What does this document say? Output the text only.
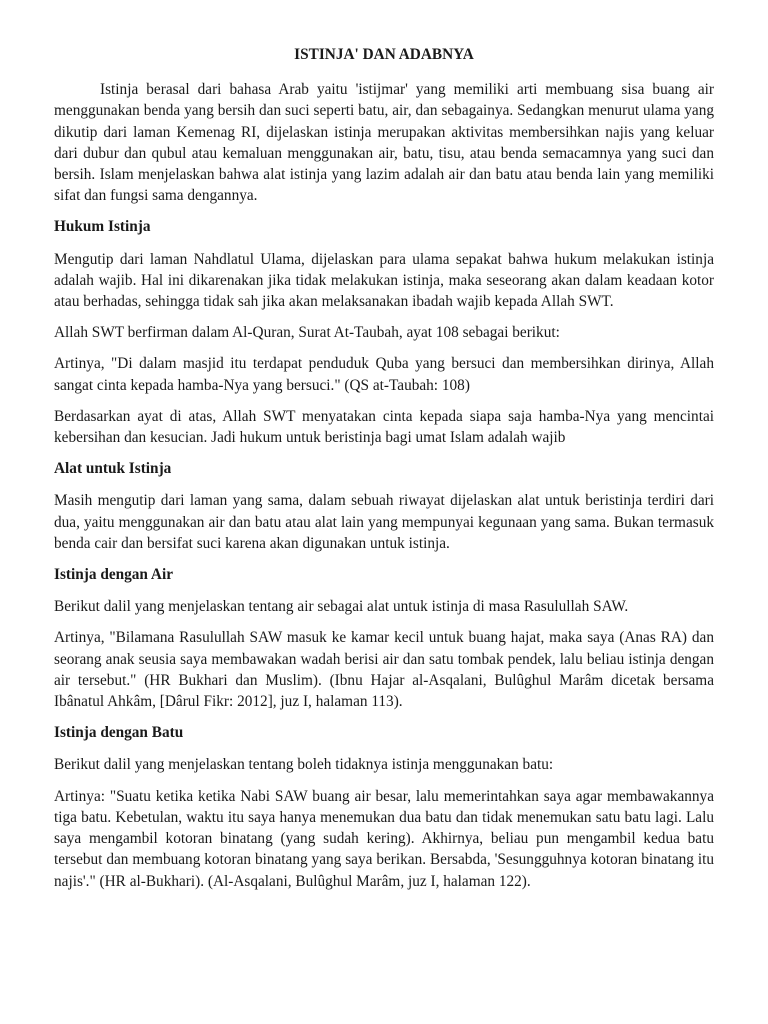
ISTINJA' DAN ADABNYA

Istinja berasal dari bahasa Arab yaitu 'istijmar' yang memiliki arti membuang sisa buang air menggunakan benda yang bersih dan suci seperti batu, air, dan sebagainya. Sedangkan menurut ulama yang dikutip dari laman Kemenag RI, dijelaskan istinja merupakan aktivitas membersihkan najis yang keluar dari dubur dan qubul atau kemaluan menggunakan air, batu, tisu, atau benda semacamnya yang suci dan bersih. Islam menjelaskan bahwa alat istinja yang lazim adalah air dan batu atau benda lain yang memiliki sifat dan fungsi sama dengannya.

Hukum Istinja

Mengutip dari laman Nahdlatul Ulama, dijelaskan para ulama sepakat bahwa hukum melakukan istinja adalah wajib. Hal ini dikarenakan jika tidak melakukan istinja, maka seseorang akan dalam keadaan kotor atau berhadas, sehingga tidak sah jika akan melaksanakan ibadah wajib kepada Allah SWT.

Allah SWT berfirman dalam Al-Quran, Surat At-Taubah, ayat 108 sebagai berikut:

Artinya, "Di dalam masjid itu terdapat penduduk Quba yang bersuci dan membersihkan dirinya, Allah sangat cinta kepada hamba-Nya yang bersuci." (QS at-Taubah: 108)

Berdasarkan ayat di atas, Allah SWT menyatakan cinta kepada siapa saja hamba-Nya yang mencintai kebersihan dan kesucian. Jadi hukum untuk beristinja bagi umat Islam adalah wajib

Alat untuk Istinja

Masih mengutip dari laman yang sama, dalam sebuah riwayat dijelaskan alat untuk beristinja terdiri dari dua, yaitu menggunakan air dan batu atau alat lain yang mempunyai kegunaan yang sama. Bukan termasuk benda cair dan bersifat suci karena akan digunakan untuk istinja.

Istinja dengan Air

Berikut dalil yang menjelaskan tentang air sebagai alat untuk istinja di masa Rasulullah SAW.

Artinya, "Bilamana Rasulullah SAW masuk ke kamar kecil untuk buang hajat, maka saya (Anas RA) dan seorang anak seusia saya membawakan wadah berisi air dan satu tombak pendek, lalu beliau istinja dengan air tersebut." (HR Bukhari dan Muslim). (Ibnu Hajar al-Asqalani, Bulûghul Marâm dicetak bersama Ibânatul Ahkâm, [Dârul Fikr: 2012], juz I, halaman 113).

Istinja dengan Batu

Berikut dalil yang menjelaskan tentang boleh tidaknya istinja menggunakan batu:

Artinya: "Suatu ketika ketika Nabi SAW buang air besar, lalu memerintahkan saya agar membawakannya tiga batu. Kebetulan, waktu itu saya hanya menemukan dua batu dan tidak menemukan satu batu lagi. Lalu saya mengambil kotoran binatang (yang sudah kering). Akhirnya, beliau pun mengambil kedua batu tersebut dan membuang kotoran binatang yang saya berikan. Bersabda, 'Sesungguhnya kotoran binatang itu najis'." (HR al-Bukhari). (Al-Asqalani, Bulûghul Marâm, juz I, halaman 122).
